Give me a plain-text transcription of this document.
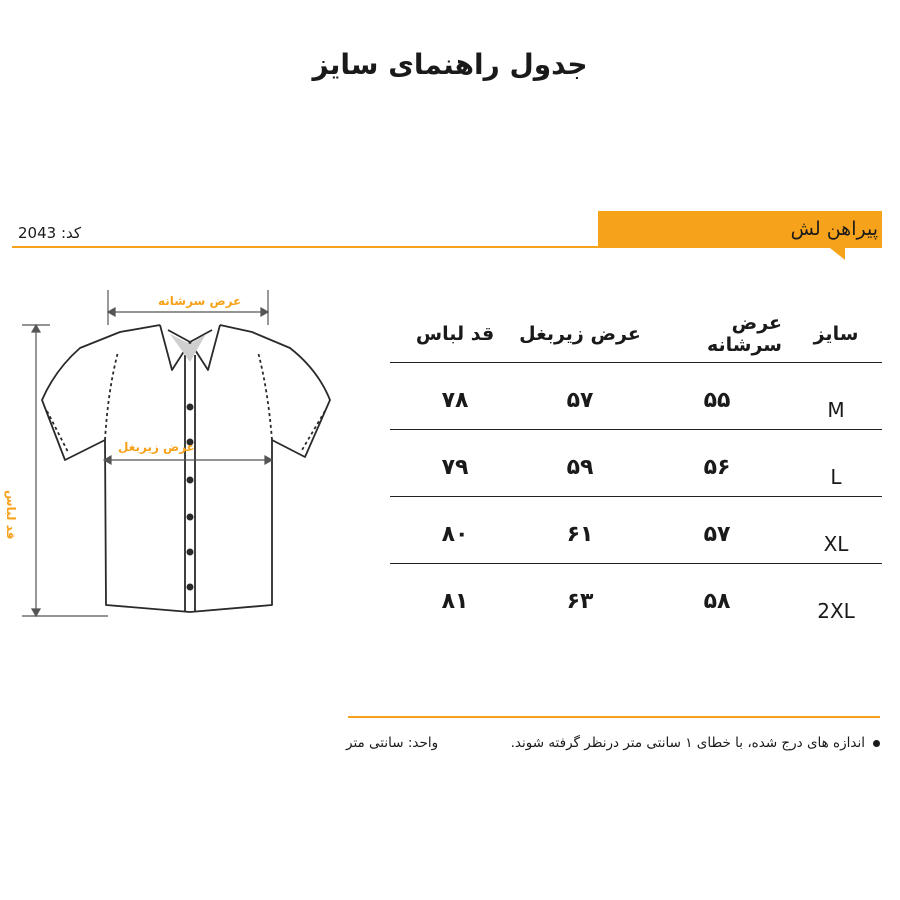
جدول راهنمای سایز
کد: 2043	پیراهن لش
عرض سرشانه
عرض زیربغل
قد لباس
قد لباس	عرض زیربغل	عرض سرشانه	سایز
۷۸	۵۷	۵۵	M
۷۹	۵۹	۵۶	L
۸۰	۶۱	۵۷	XL
۸۱	۶۳	۵۸	2XL
اندازه های درج شده، با خطای ۱ سانتی متر درنظر گرفته شوند.
واحد: سانتی متر
